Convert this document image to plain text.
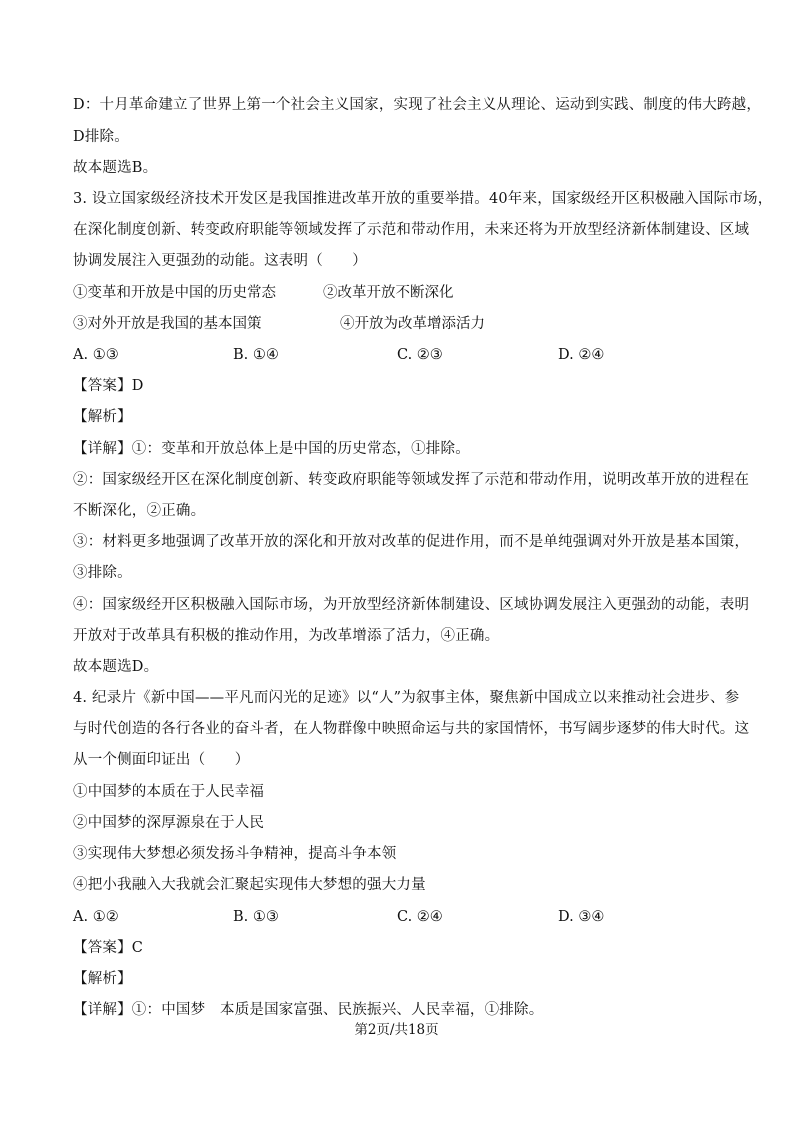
D：十月革命建立了世界上第一个社会主义国家，实现了社会主义从理论、运动到实践、制度的伟大跨越，
D排除。
故本题选B。
3. 设立国家级经济技术开发区是我国推进改革开放的重要举措。40年来，国家级经开区积极融入国际市场，
在深化制度创新、转变政府职能等领域发挥了示范和带动作用，未来还将为开放型经济新体制建设、区域
协调发展注入更强劲的动能。这表明（　　）
①变革和开放是中国的历史常态	②改革开放不断深化
③对外开放是我国的基本国策	④开放为改革增添活力
A. ①③	B. ①④	C. ②③	D. ②④
【答案】D
【解析】
【详解】①：变革和开放总体上是中国的历史常态，①排除。
②：国家级经开区在深化制度创新、转变政府职能等领域发挥了示范和带动作用，说明改革开放的进程在
不断深化，②正确。
③：材料更多地强调了改革开放的深化和开放对改革的促进作用，而不是单纯强调对外开放是基本国策，
③排除。
④：国家级经开区积极融入国际市场，为开放型经济新体制建设、区域协调发展注入更强劲的动能，表明
开放对于改革具有积极的推动作用，为改革增添了活力，④正确。
故本题选D。
4. 纪录片《新中国——平凡而闪光的足迹》以“人”为叙事主体，聚焦新中国成立以来推动社会进步、参
与时代创造的各行各业的奋斗者，在人物群像中映照命运与共的家国情怀，书写阔步逐梦的伟大时代。这
从一个侧面印证出（　　）
①中国梦的本质在于人民幸福
②中国梦的深厚源泉在于人民
③实现伟大梦想必须发扬斗争精神，提高斗争本领
④把小我融入大我就会汇聚起实现伟大梦想的强大力量
A. ①②	B. ①③	C. ②④	D. ③④
【答案】C
【解析】
【详解】①：中国梦　本质是国家富强、民族振兴、人民幸福，①排除。
第2页/共18页
